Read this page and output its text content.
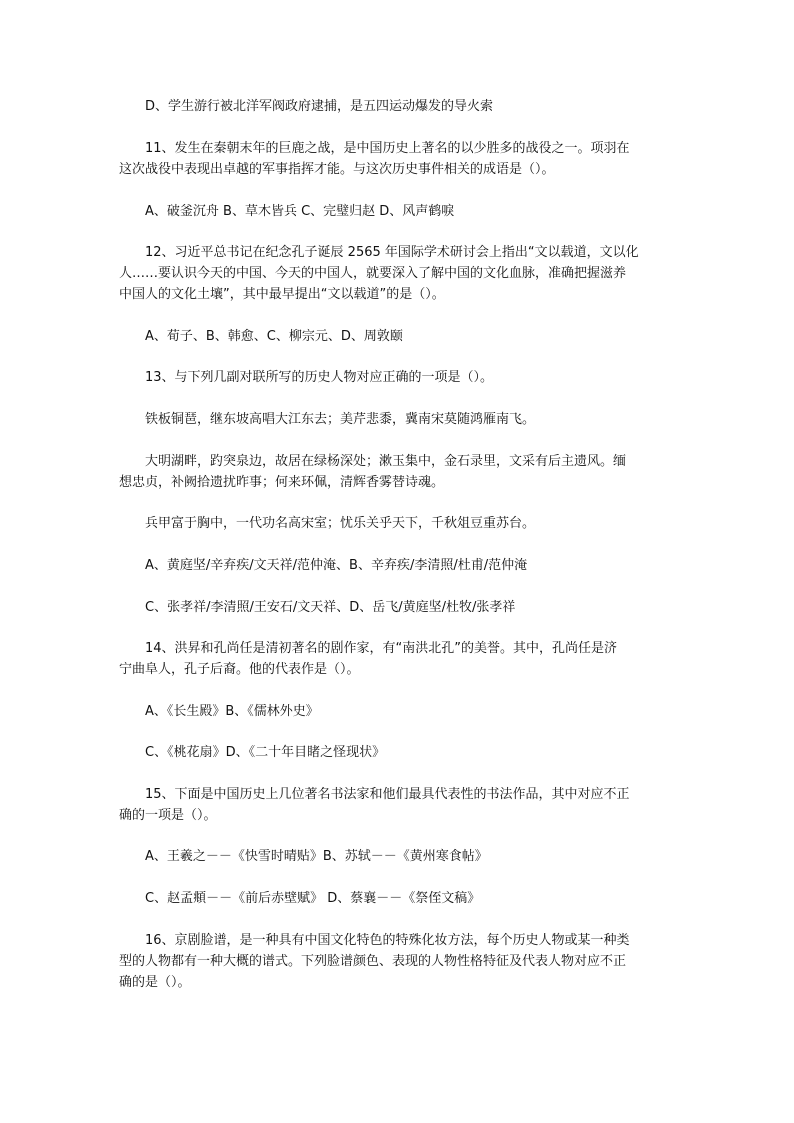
　　D、学生游行被北洋军阀政府逮捕，是五四运动爆发的导火索

　　11、发生在秦朝末年的巨鹿之战，是中国历史上著名的以少胜多的战役之一。项羽在
这次战役中表现出卓越的军事指挥才能。与这次历史事件相关的成语是（）。

　　A、破釜沉舟 B、草木皆兵 C、完璧归赵 D、风声鹤唳

　　12、习近平总书记在纪念孔子诞辰 2565 年国际学术研讨会上指出“文以载道，文以化
人……要认识今天的中国、今天的中国人，就要深入了解中国的文化血脉，准确把握滋养
中国人的文化土壤”，其中最早提出“文以载道”的是（）。

　　A、荀子、B、韩愈、C、柳宗元、D、周敦颐

　　13、与下列几副对联所写的历史人物对应正确的一项是（）。

　　铁板铜琶，继东坡高唱大江东去；美芹悲黍，冀南宋莫随鸿雁南飞。

　　大明湖畔，趵突泉边，故居在绿杨深处；漱玉集中，金石录里，文采有后主遗风。缅
想忠贞，补阙拾遗扰昨事；何来环佩，清辉香雾替诗魂。

　　兵甲富于胸中，一代功名高宋室；忧乐关乎天下，千秋俎豆重苏台。

　　A、黄庭坚/辛弃疾/文天祥/范仲淹、B、辛弃疾/李清照/杜甫/范仲淹

　　C、张孝祥/李清照/王安石/文天祥、D、岳飞/黄庭坚/杜牧/张孝祥

　　14、洪昇和孔尚任是清初著名的剧作家，有“南洪北孔”的美誉。其中，孔尚任是济
宁曲阜人，孔子后裔。他的代表作是（）。

　　A、《长生殿》B、《儒林外史》

　　C、《桃花扇》D、《二十年目睹之怪现状》

　　15、下面是中国历史上几位著名书法家和他们最具代表性的书法作品，其中对应不正
确的一项是（）。

　　A、王羲之－－《快雪时晴贴》B、苏轼－－《黄州寒食帖》

　　C、赵孟頫－－《前后赤壁赋》 D、蔡襄－－《祭侄文稿》

　　16、京剧脸谱，是一种具有中国文化特色的特殊化妆方法，每个历史人物或某一种类
型的人物都有一种大概的谱式。下列脸谱颜色、表现的人物性格特征及代表人物对应不正
确的是（）。
